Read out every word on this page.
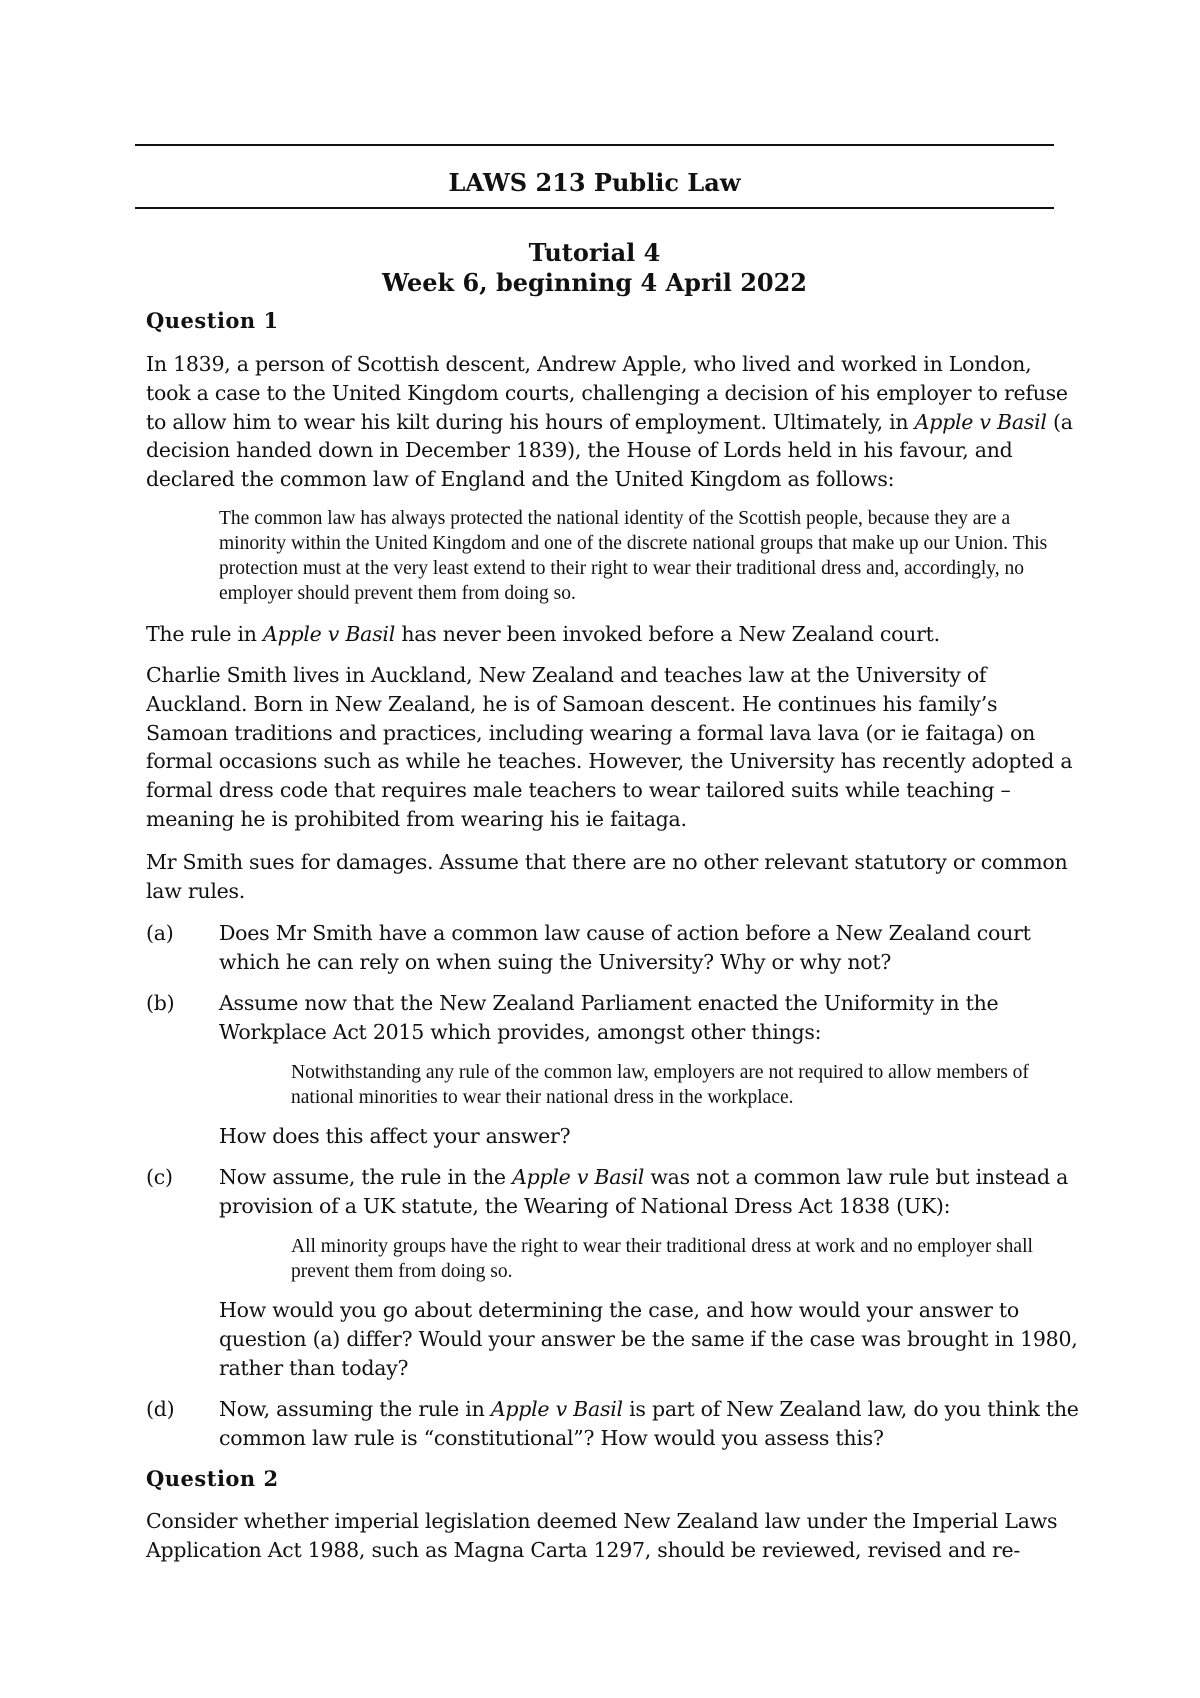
LAWS 213 Public Law
Tutorial 4
Week 6, beginning 4 April 2022
Question 1

In 1839, a person of Scottish descent, Andrew Apple, who lived and worked in London, took a case to the United Kingdom courts, challenging a decision of his employer to refuse to allow him to wear his kilt during his hours of employment. Ultimately, in Apple v Basil (a decision handed down in December 1839), the House of Lords held in his favour, and declared the common law of England and the United Kingdom as follows:

The common law has always protected the national identity of the Scottish people, because they are a minority within the United Kingdom and one of the discrete national groups that make up our Union. This protection must at the very least extend to their right to wear their traditional dress and, accordingly, no employer should prevent them from doing so.

The rule in Apple v Basil has never been invoked before a New Zealand court.

Charlie Smith lives in Auckland, New Zealand and teaches law at the University of Auckland. Born in New Zealand, he is of Samoan descent. He continues his family’s Samoan traditions and practices, including wearing a formal lava lava (or ie faitaga) on formal occasions such as while he teaches. However, the University has recently adopted a formal dress code that requires male teachers to wear tailored suits while teaching – meaning he is prohibited from wearing his ie faitaga.

Mr Smith sues for damages. Assume that there are no other relevant statutory or common law rules.

(a) Does Mr Smith have a common law cause of action before a New Zealand court which he can rely on when suing the University? Why or why not?
(b) Assume now that the New Zealand Parliament enacted the Uniformity in the Workplace Act 2015 which provides, amongst other things:

Notwithstanding any rule of the common law, employers are not required to allow members of national minorities to wear their national dress in the workplace.

How does this affect your answer?
(c) Now assume, the rule in the Apple v Basil was not a common law rule but instead a provision of a UK statute, the Wearing of National Dress Act 1838 (UK):

All minority groups have the right to wear their traditional dress at work and no employer shall prevent them from doing so.

How would you go about determining the case, and how would your answer to question (a) differ? Would your answer be the same if the case was brought in 1980, rather than today?
(d) Now, assuming the rule in Apple v Basil is part of New Zealand law, do you think the common law rule is “constitutional”? How would you assess this?
Question 2

Consider whether imperial legislation deemed New Zealand law under the Imperial Laws Application Act 1988, such as Magna Carta 1297, should be reviewed, revised and re-
